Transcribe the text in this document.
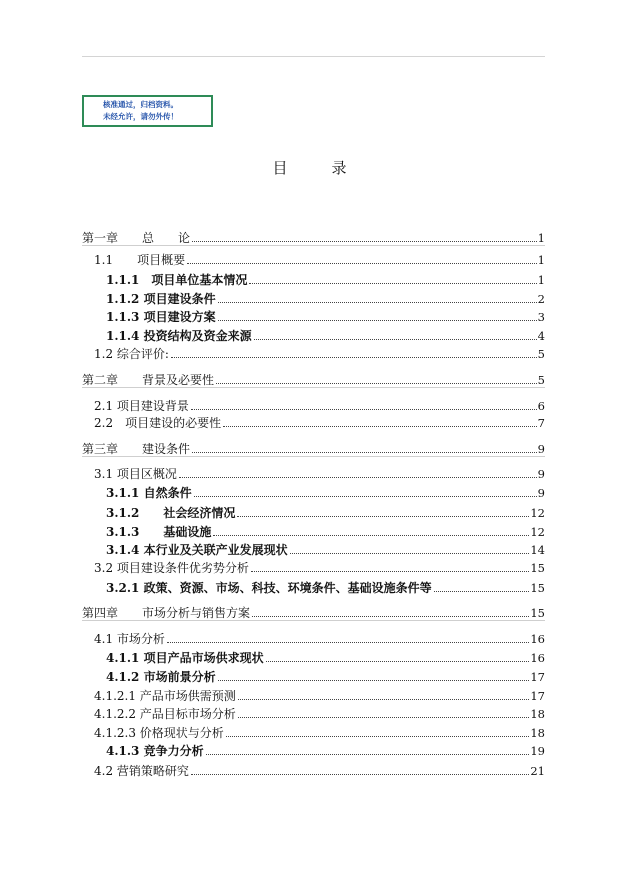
核准通过，归档资料。
未经允许，请勿外传！
目	录
第一章　　总　　论	1
1.1　　项目概要	1
1.1.1　项目单位基本情况	1
1.1.2 项目建设条件	2
1.1.3 项目建设方案	3
1.1.4 投资结构及资金来源	4
1.2 综合评价:	5
第二章　　背景及必要性	5
2.1 项目建设背景	6
2.2　项目建设的必要性	7
第三章　　建设条件	9
3.1 项目区概况	9
3.1.1 自然条件	9
3.1.2　　社会经济情况	12
3.1.3　　基础设施	12
3.1.4 本行业及关联产业发展现状	14
3.2 项目建设条件优劣势分析	15
3.2.1 政策、资源、市场、科技、环境条件、基础设施条件等	15
第四章　　市场分析与销售方案	15
4.1 市场分析	16
4.1.1 项目产品市场供求现状	16
4.1.2 市场前景分析	17
4.1.2.1 产品市场供需预测	17
4.1.2.2 产品目标市场分析	18
4.1.2.3 价格现状与分析	18
4.1.3 竞争力分析	19
4.2 营销策略研究	21
